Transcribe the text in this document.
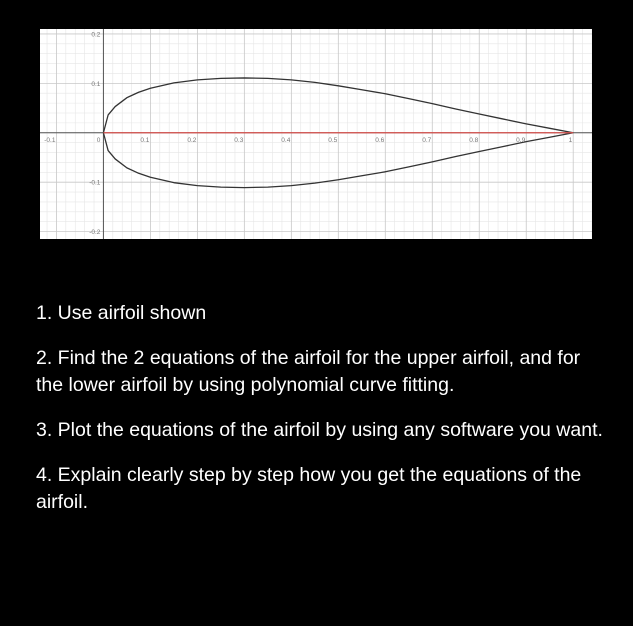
-0.1	0.1	0.2	0.3	0.4	0.5	0.6	0.7	0.8	0.9	1
0.2
0.1
0
-0.1
-0.2

1. Use airfoil shown

2. Find the 2 equations of the airfoil for the upper airfoil, and for the lower airfoil by using polynomial curve fitting.

3. Plot the equations of the airfoil by using any software you want.

4. Explain clearly step by step how you get the equations of the airfoil.
